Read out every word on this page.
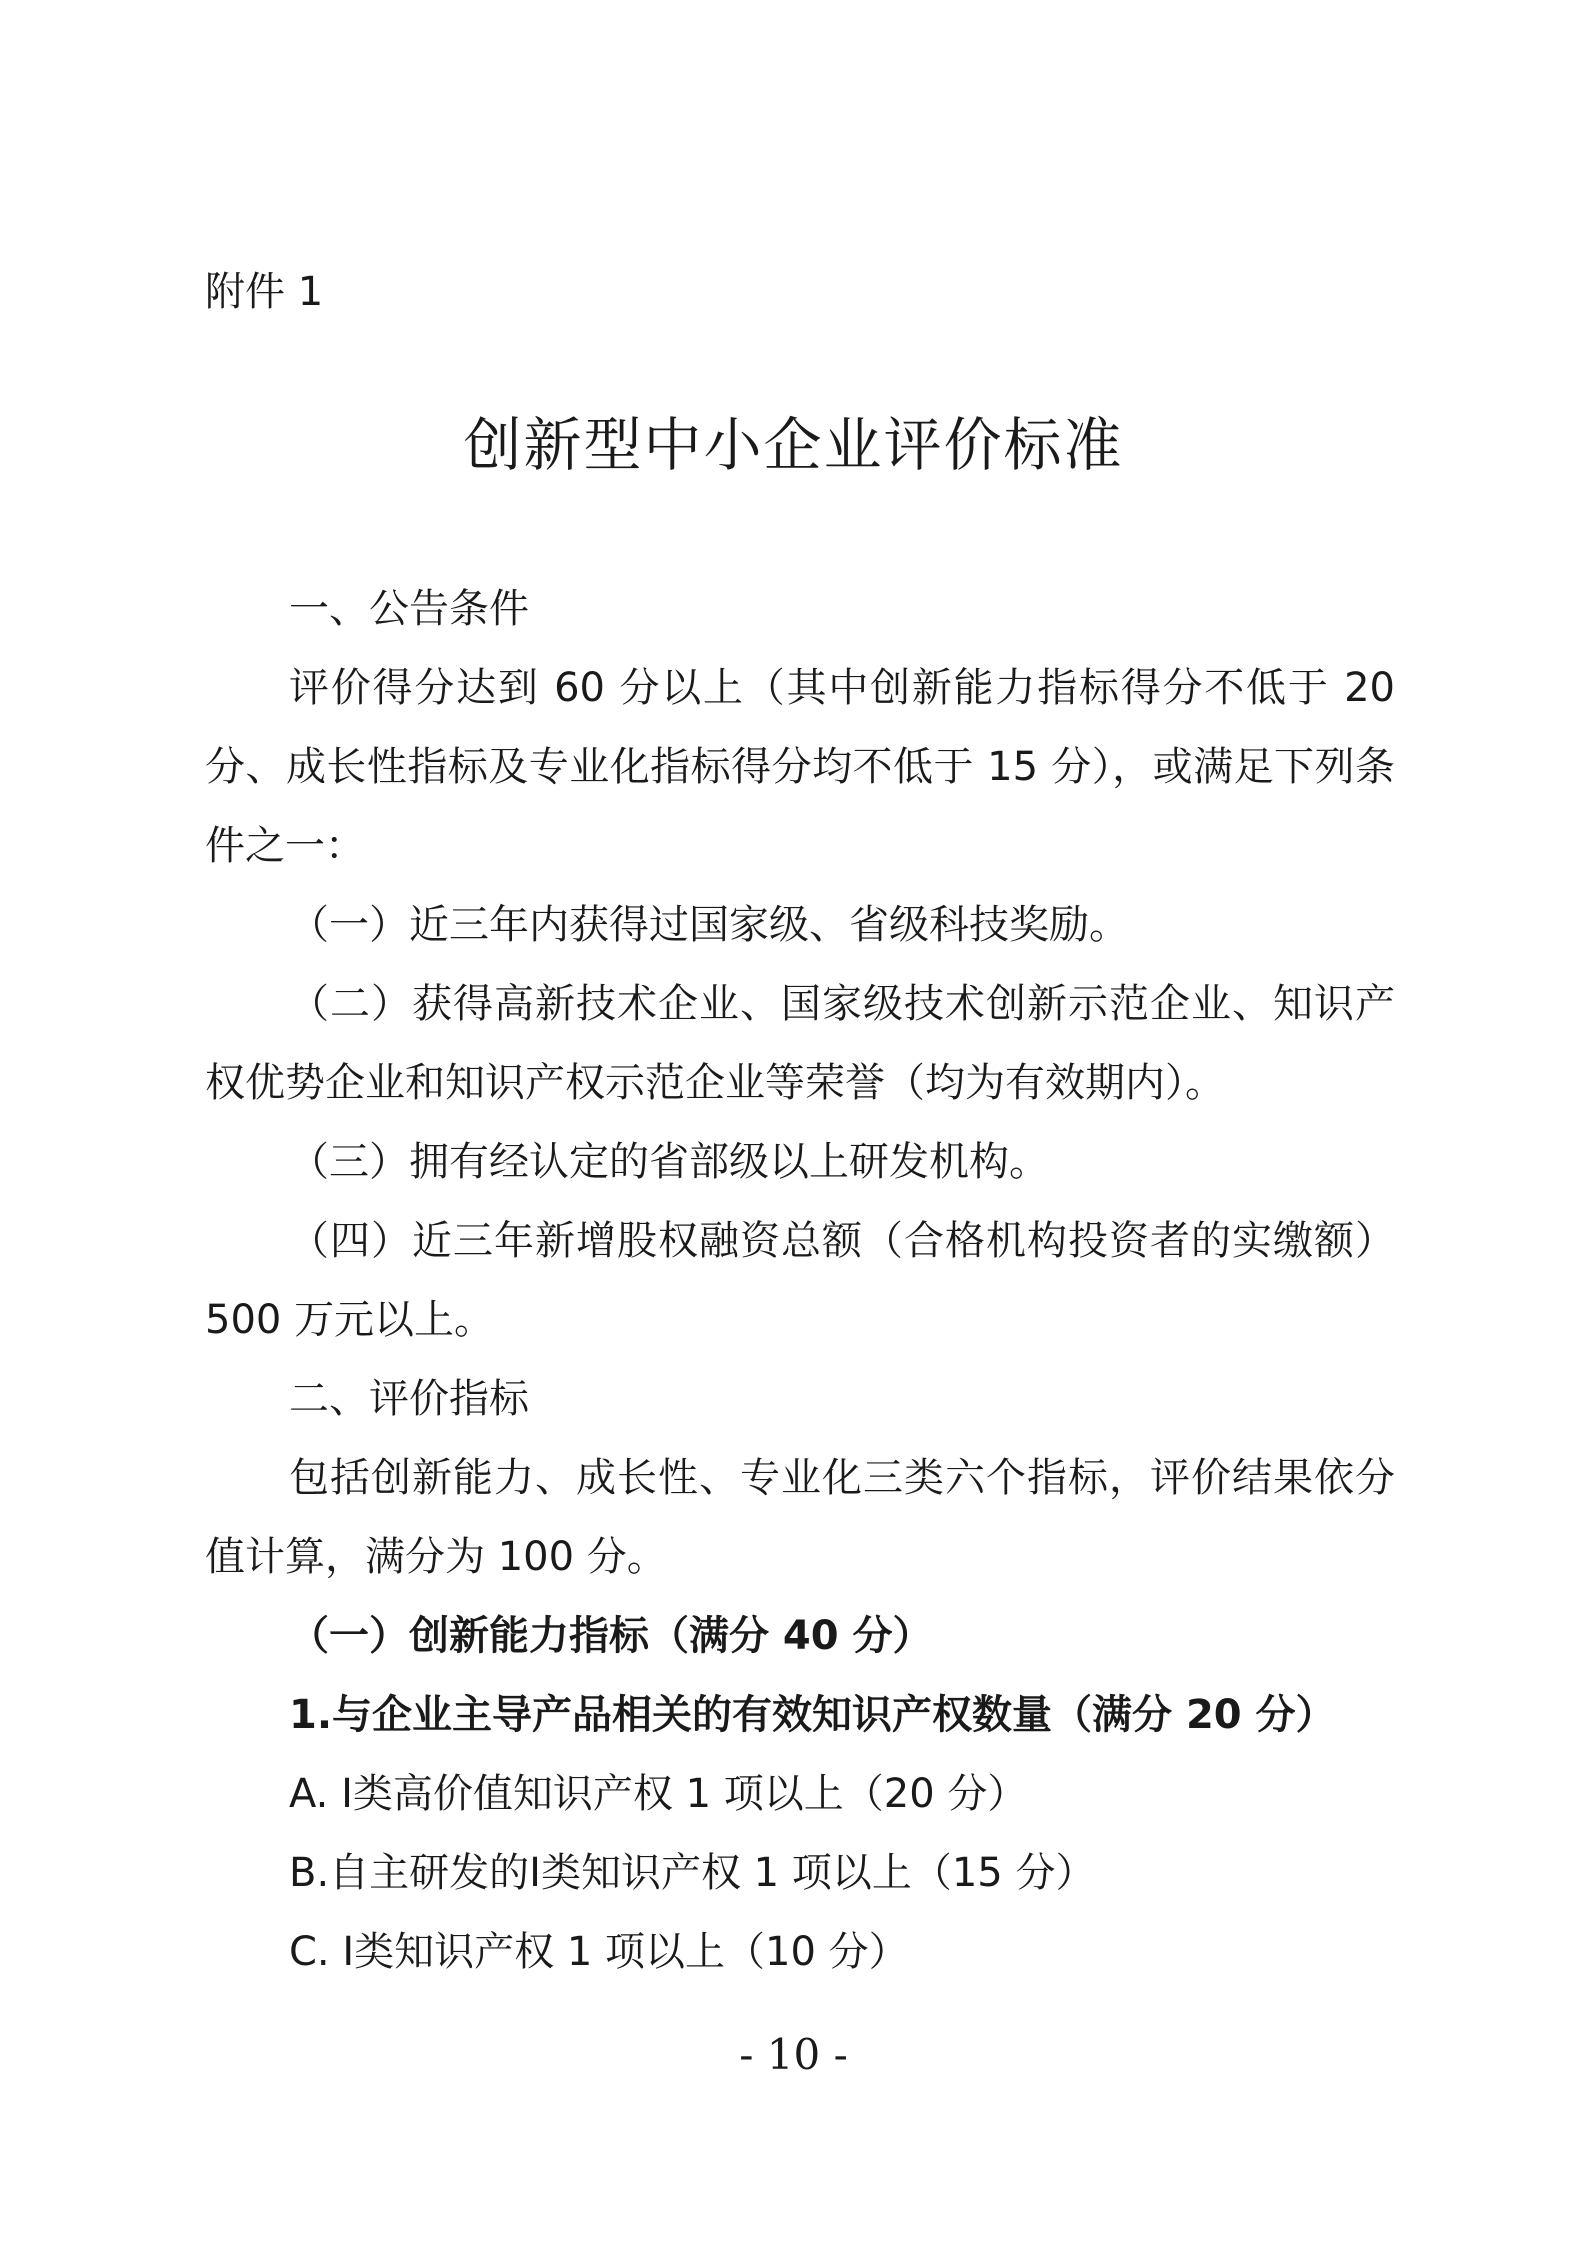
附件 1
创新型中小企业评价标准

一、公告条件

评价得分达到 60 分以上（其中创新能力指标得分不低于 20 分、成长性指标及专业化指标得分均不低于 15 分），或满足下列条件之一：

（一）近三年内获得过国家级、省级科技奖励。

（二）获得高新技术企业、国家级技术创新示范企业、知识产权优势企业和知识产权示范企业等荣誉（均为有效期内）。

（三）拥有经认定的省部级以上研发机构。

（四）近三年新增股权融资总额（合格机构投资者的实缴额）500 万元以上。

二、评价指标

包括创新能力、成长性、专业化三类六个指标，评价结果依分值计算，满分为 100 分。

（一）创新能力指标（满分 40 分）

1.与企业主导产品相关的有效知识产权数量（满分 20 分）

A. Ⅰ类高价值知识产权 1 项以上（20 分）

B.自主研发的Ⅰ类知识产权 1 项以上（15 分）

C. Ⅰ类知识产权 1 项以上（10 分）

- 10 -
